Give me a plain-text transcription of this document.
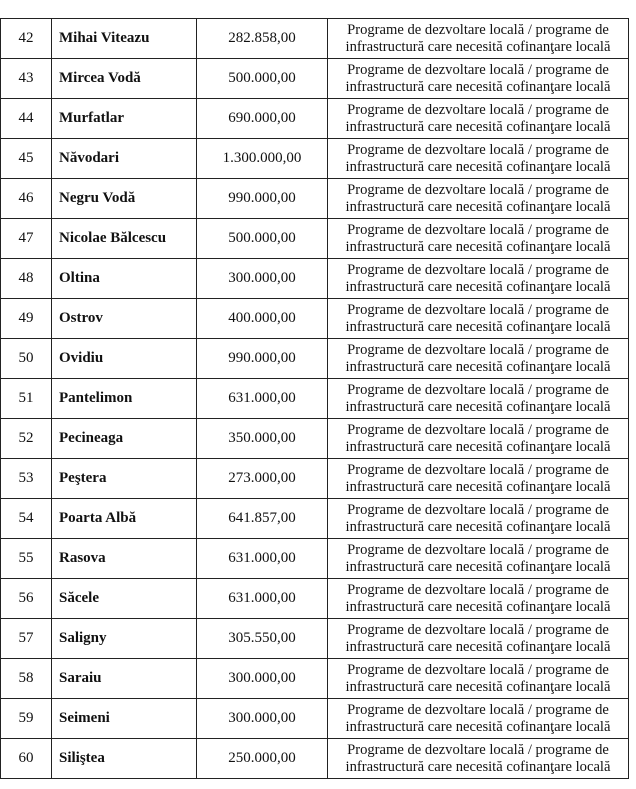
42	Mihai Viteazu	282.858,00	Programe de dezvoltare locală / programe de
infrastructură care necesită cofinanţare locală

43	Mircea Vodă	500.000,00	Programe de dezvoltare locală / programe de
infrastructură care necesită cofinanţare locală

44	Murfatlar	690.000,00	Programe de dezvoltare locală / programe de
infrastructură care necesită cofinanţare locală

45	Năvodari	1.300.000,00	Programe de dezvoltare locală / programe de
infrastructură care necesită cofinanţare locală

46	Negru Vodă	990.000,00	Programe de dezvoltare locală / programe de
infrastructură care necesită cofinanţare locală

47	Nicolae Bălcescu	500.000,00	Programe de dezvoltare locală / programe de
infrastructură care necesită cofinanţare locală

48	Oltina	300.000,00	Programe de dezvoltare locală / programe de
infrastructură care necesită cofinanţare locală

49	Ostrov	400.000,00	Programe de dezvoltare locală / programe de
infrastructură care necesită cofinanţare locală

50	Ovidiu	990.000,00	Programe de dezvoltare locală / programe de
infrastructură care necesită cofinanţare locală

51	Pantelimon	631.000,00	Programe de dezvoltare locală / programe de
infrastructură care necesită cofinanţare locală

52	Pecineaga	350.000,00	Programe de dezvoltare locală / programe de
infrastructură care necesită cofinanţare locală

53	Peştera	273.000,00	Programe de dezvoltare locală / programe de
infrastructură care necesită cofinanţare locală

54	Poarta Albă	641.857,00	Programe de dezvoltare locală / programe de
infrastructură care necesită cofinanţare locală

55	Rasova	631.000,00	Programe de dezvoltare locală / programe de
infrastructură care necesită cofinanţare locală

56	Săcele	631.000,00	Programe de dezvoltare locală / programe de
infrastructură care necesită cofinanţare locală

57	Saligny	305.550,00	Programe de dezvoltare locală / programe de
infrastructură care necesită cofinanţare locală

58	Saraiu	300.000,00	Programe de dezvoltare locală / programe de
infrastructură care necesită cofinanţare locală

59	Seimeni	300.000,00	Programe de dezvoltare locală / programe de
infrastructură care necesită cofinanţare locală

60	Siliştea	250.000,00	Programe de dezvoltare locală / programe de
infrastructură care necesită cofinanţare locală
